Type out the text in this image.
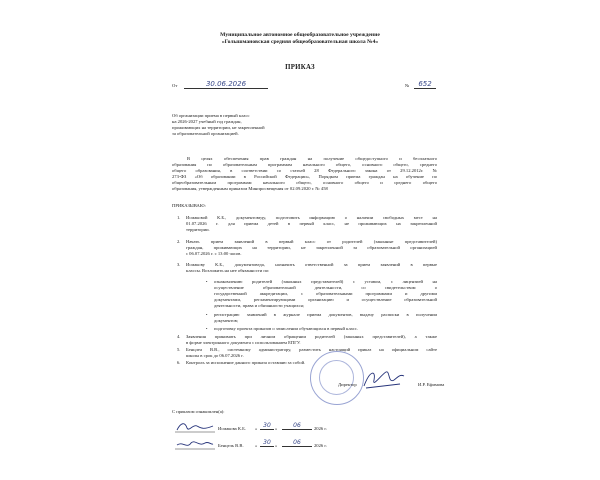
Муниципальное автономное общеобразовательное учреждение
«Голышмановская средняя общеобразовательная школа №4»
ПРИКАЗ
От	30.06.2026	№	652
Об организации приема в первый класс
на 2026-2027 учебный год граждан,
проживающих на территории, не закрепленной
за образовательной организацией.
В целях обеспечения прав граждан на получение общедоступного и бесплатного
образования по образовательным программам начального общего, основного общего, среднего
общего образования, в соответствии со статьей 28 Федерального закона от 29.12.2012г. №
273-ФЗ «Об образовании в Российской Федерации», Порядком приема граждан на обучение по
общеобразовательным программам начального общего, основного общего и среднего общего
образования, утвержденным приказом Минпросвещения от 02.09.2020 г. № 458
ПРИКАЗЫВАЮ:
1. Исмаковой К.Б., документоведу, подготовить информацию о наличии свободных мест на
01.07.2026 г. для приема детей в первый класс, не проживающих на закрепленной
территории.
2. Начать прием заявлений в первый класс от родителей (законные представителей)
граждан, проживающих на территории, не закрепленной за образовательной организацией
с 06.07.2026 г. с 13:00 часов.
3. Исмакову К.Б., документоведа, назначить ответственной за прием заявлений в первые
классы. Возложить на нее обязанности по:
• ознакомлению родителей (законных представителей) с уставом, с лицензией на
осуществление образовательной деятельности, со свидетельством о
государственной аккредитации, с образовательными программами и другими
документами, регламентирующими организацию и осуществление образовательной
деятельности, права и обязанности учащихся;
• регистрацию заявлений в журнале приема документов, выдачу расписки в получении
документов;
• подготовку проекта приказов о зачислении обучающихся в первый класс.
4. Заявления принимать при личном обращении родителей (законных представителей), а также
в форме электронного документа с использованием ЕПГУ.
5. Бенцлеа В.В., системному администратору, разместить настоящий приказ на официальном сайте
школы в срок до 06.07.2026 г.
6. Контроль за исполнение данного приказа оставляю за собой.
Директор	И.Р. Ефимова
С приказом ознакомлен(а):
Исмакова К.Б. « 30 »	06	2026 г.
Бенцель В.В. « 30 »	06	2026 г.
